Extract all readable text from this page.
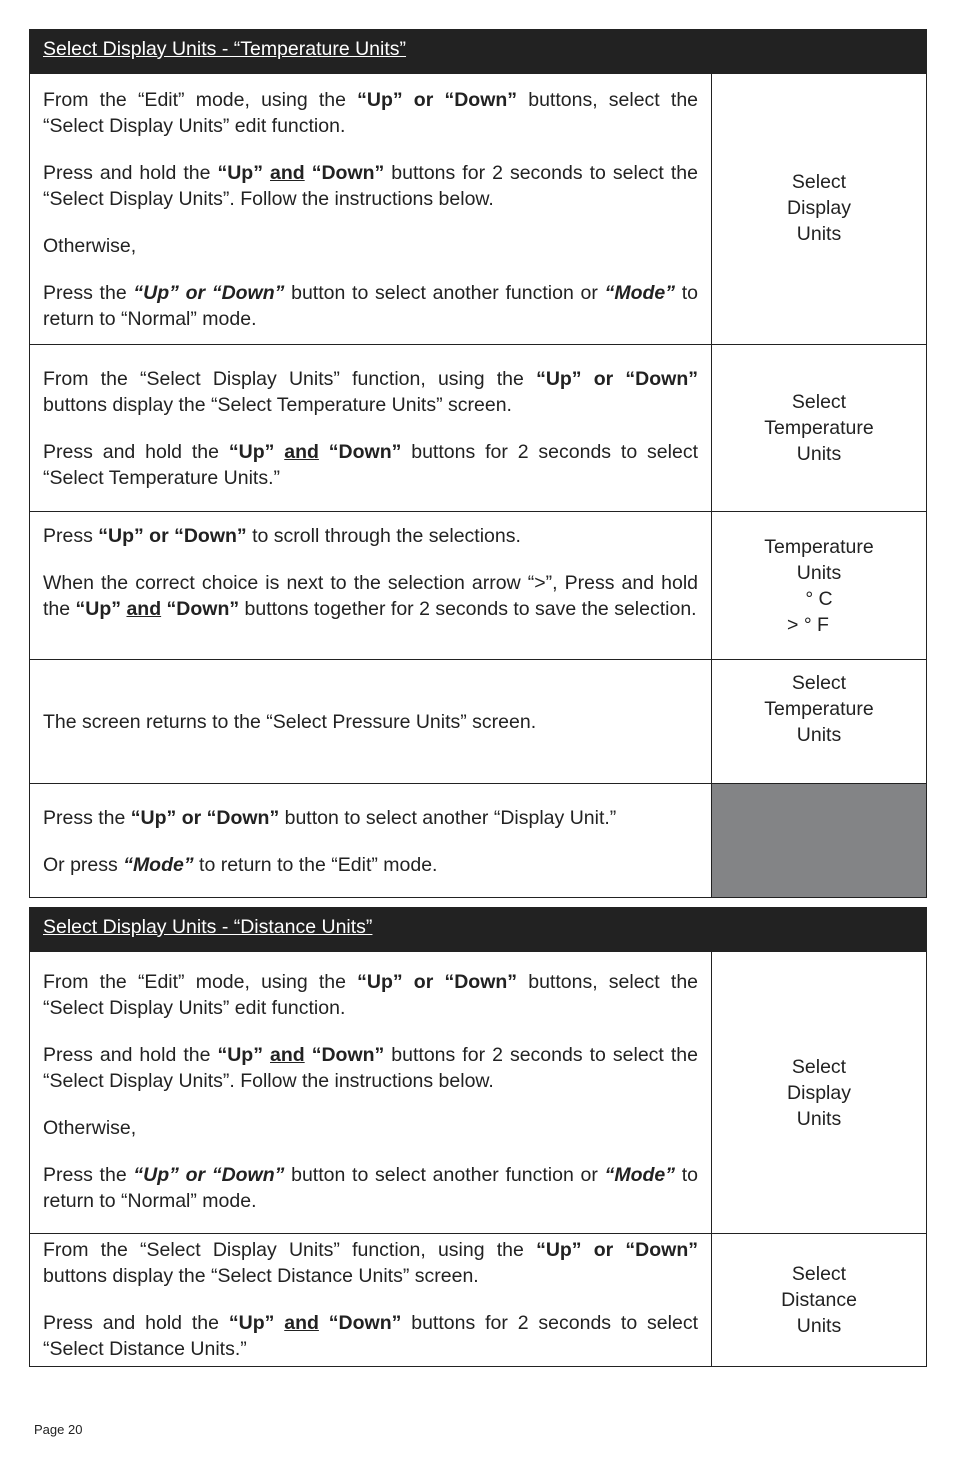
Select Display Units - “Temperature Units”

From the “Edit” mode, using the “Up” or “Down” buttons, select the “Select Display Units” edit function.

Press and hold the “Up” and “Down” buttons for 2 seconds to select the “Select Display Units”. Follow the instructions below.

Otherwise,

Press the “Up” or “Down” button to select another function or “Mode” to return to “Normal” mode.

Select
Display
Units

From the “Select Display Units” function, using the “Up” or “Down” buttons display the “Select Temperature Units” screen.

Press and hold the “Up” and “Down” buttons for 2 seconds to select “Select Temperature Units.”

Select
Temperature
Units

Press “Up” or “Down” to scroll through the selections.

When the correct choice is next to the selection arrow “>”, Press and hold the “Up” and “Down” buttons together for 2 seconds to save the selection.

Temperature
Units
° C
> ° F

The screen returns to the “Select Pressure Units” screen.

Select
Temperature
Units

Press the “Up” or “Down” button to select another “Display Unit.”

Or press “Mode” to return to the “Edit” mode.

Select Display Units - “Distance Units”

From the “Edit” mode, using the “Up” or “Down” buttons, select the “Select Display Units” edit function.

Press and hold the “Up” and “Down” buttons for 2 seconds to select the “Select Display Units”. Follow the instructions below.

Otherwise,

Press the “Up” or “Down” button to select another function or “Mode” to return to “Normal” mode.

Select
Display
Units

From the “Select Display Units” function, using the “Up” or “Down” buttons display the “Select Distance Units” screen.

Press and hold the “Up” and “Down” buttons for 2 seconds to select “Select Distance Units.”

Select
Distance
Units
Page 20
